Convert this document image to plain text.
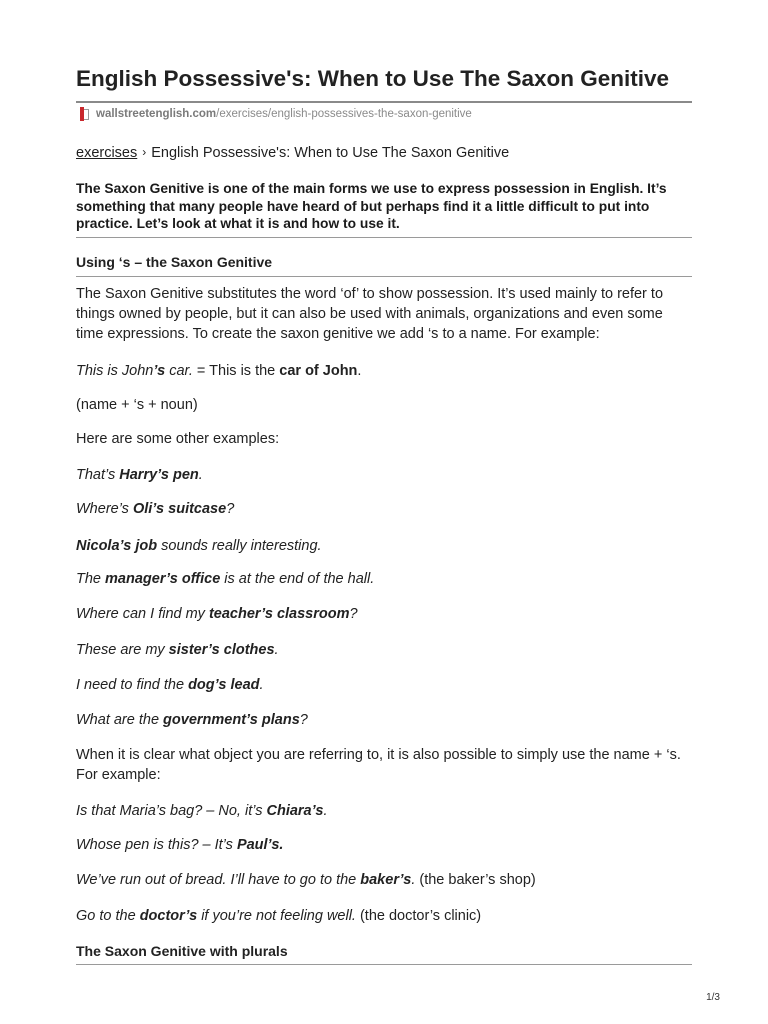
English Possessive's: When to Use The Saxon Genitive
wallstreetenglish.com /exercises/english-possessives-the-saxon-genitive
exercises › English Possessive's: When to Use The Saxon Genitive

The Saxon Genitive is one of the main forms we use to express possession in English. It’s something that many people have heard of but perhaps find it a little difficult to put into practice. Let’s look at what it is and how to use it.

Using ‘s – the Saxon Genitive

The Saxon Genitive substitutes the word ‘of’ to show possession. It’s used mainly to refer to things owned by people, but it can also be used with animals, organizations and even some time expressions. To create the saxon genitive we add ‘s to a name. For example:

This is John’s car. = This is the car of John.

(name + ‘s + noun)

Here are some other examples:

That’s Harry’s pen.

Where’s Oli’s suitcase?

Nicola’s job sounds really interesting.

The manager’s office is at the end of the hall.

Where can I find my teacher’s classroom?

These are my sister’s clothes.

I need to find the dog’s lead.

What are the government’s plans?

When it is clear what object you are referring to, it is also possible to simply use the name + ‘s. For example:

Is that Maria’s bag? – No, it’s Chiara’s.

Whose pen is this? – It’s Paul’s.

We’ve run out of bread. I’ll have to go to the baker’s. (the baker’s shop)

Go to the doctor’s if you’re not feeling well. (the doctor’s clinic)

The Saxon Genitive with plurals
1/3
